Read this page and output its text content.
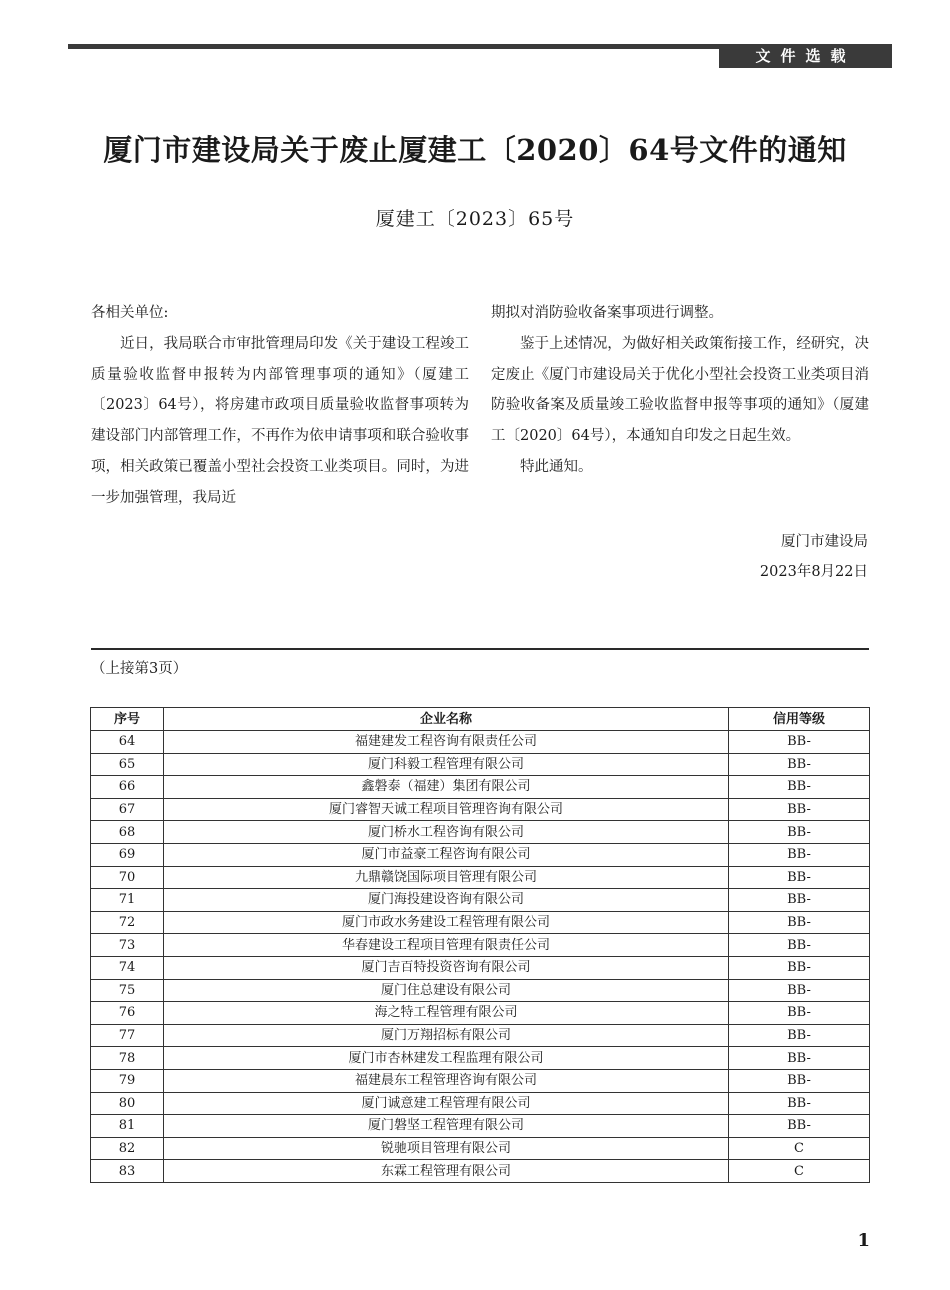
文件选载
厦门市建设局关于废止厦建工〔2020〕64号文件的通知
厦建工〔2023〕65号

各相关单位:

近日，我局联合市审批管理局印发《关于建设工程竣工质量验收监督申报转为内部管理事项的通知》（厦建工〔2023〕64号），将房建市政项目质量验收监督事项转为建设部门内部管理工作，不再作为依申请事项和联合验收事项，相关政策已覆盖小型社会投资工业类项目。同时，为进一步加强管理，我局近

期拟对消防验收备案事项进行调整。

鉴于上述情况，为做好相关政策衔接工作，经研究，决定废止《厦门市建设局关于优化小型社会投资工业类项目消防验收备案及质量竣工验收监督申报等事项的通知》（厦建工〔2020〕64号），本通知自印发之日起生效。

特此通知。

厦门市建设局
2023年8月22日
（上接第3页）
序号	企业名称	信用等级
64	福建建发工程咨询有限责任公司	BB-
65	厦门科毅工程管理有限公司	BB-
66	鑫磐泰（福建）集团有限公司	BB-
67	厦门睿智天诚工程项目管理咨询有限公司	BB-
68	厦门桥水工程咨询有限公司	BB-
69	厦门市益豪工程咨询有限公司	BB-
70	九鼎赣饶国际项目管理有限公司	BB-
71	厦门海投建设咨询有限公司	BB-
72	厦门市政水务建设工程管理有限公司	BB-
73	华春建设工程项目管理有限责任公司	BB-
74	厦门吉百特投资咨询有限公司	BB-
75	厦门住总建设有限公司	BB-
76	海之特工程管理有限公司	BB-
77	厦门万翔招标有限公司	BB-
78	厦门市杏林建发工程监理有限公司	BB-
79	福建晨东工程管理咨询有限公司	BB-
80	厦门诚意建工程管理有限公司	BB-
81	厦门磐坚工程管理有限公司	BB-
82	锐驰项目管理有限公司	C
83	东霖工程管理有限公司	C
1
